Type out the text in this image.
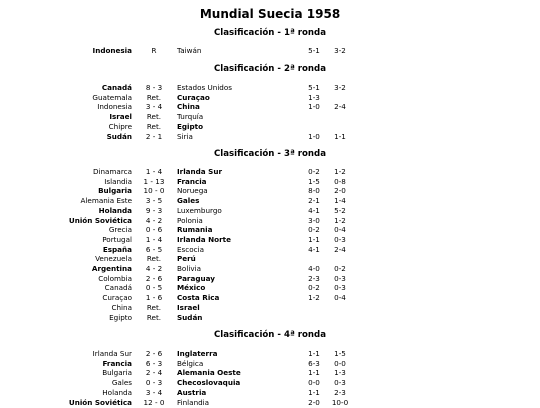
Mundial Suecia 1958
Clasificación - 1ª ronda
Indonesia	R	Taiwán	5-1	3-2
Clasificación - 2ª ronda
Canadá	8 - 3	Estados Unidos	5-1	3-2
Guatemala	Ret.	Curaçao	1-3
Indonesia	3 - 4	China	1-0	2-4
Israel	Ret.	Turquía
Chipre	Ret.	Egipto
Sudán	2 - 1	Siria	1-0	1-1
Clasificación - 3ª ronda
Dinamarca	1 - 4	Irlanda Sur	0-2	1-2
Islandia	1 - 13	Francia	1-5	0-8
Bulgaria	10 - 0	Noruega	8-0	2-0
Alemania Este	3 - 5	Gales	2-1	1-4
Holanda	9 - 3	Luxemburgo	4-1	5-2
Unión Soviética	4 - 2	Polonia	3-0	1-2
Grecia	0 - 6	Rumania	0-2	0-4
Portugal	1 - 4	Irlanda Norte	1-1	0-3
España	6 - 5	Escocia	4-1	2-4
Venezuela	Ret.	Perú
Argentina	4 - 2	Bolivia	4-0	0-2
Colombia	2 - 6	Paraguay	2-3	0-3
Canadá	0 - 5	México	0-2	0-3
Curaçao	1 - 6	Costa Rica	1-2	0-4
China	Ret.	Israel
Egipto	Ret.	Sudán
Clasificación - 4ª ronda
Irlanda Sur	2 - 6	Inglaterra	1-1	1-5
Francia	6 - 3	Bélgica	6-3	0-0
Bulgaria	2 - 4	Alemania Oeste	1-1	1-3
Gales	0 - 3	Checoslovaquia	0-0	0-3
Holanda	3 - 4	Austria	1-1	2-3
Unión Soviética	12 - 0	Finlandia	2-0	10-0
